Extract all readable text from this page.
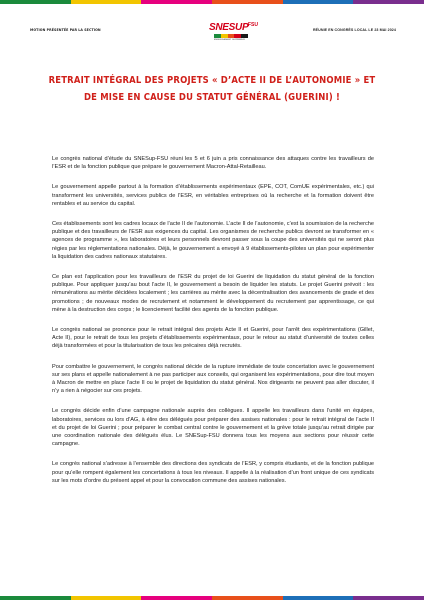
MOTION PRÉSENTÉE PAR LA SECTION	SNESUP FSU
ENSEIGNEMENT SUPÉRIEUR
RÉUNIE EN CONGRÈS LOCAL LE 23 MAI 2024
RETRAIT INTÉGRAL DES PROJETS « D’ACTE II DE L’AUTONOMIE » ET DE MISE EN CAUSE DU STATUT GÉNÉRAL (GUERINI) !

Le congrès national d’étude du SNESup-FSU réuni les 5 et 6 juin a pris connaissance des attaques contre les travailleurs de l’ESR et de la fonction publique que prépare le gouvernement Macron-Attal-Retailleau.

Le gouvernement appelle partout à la formation d’établissements expérimentaux (EPE, COT, ComUE expérimentales, etc.) qui transforment les universités, services publics de l’ESR, en véritables entreprises où la recherche et la formation doivent être rentables et au service du capital.

Ces établissements sont les cadres locaux de l’acte II de l’autonomie. L’acte II de l’autonomie, c’est la soumission de la recherche publique et des travailleurs de l’ESR aux exigences du capital. Les organismes de recherche publics devront se transformer en « agences de programme », les laboratoires et leurs personnels devront passer sous la coupe des universités qui ne seront plus régies par les réglementations nationales. Déjà, le gouvernement a envoyé à 9 établissements-pilotes un plan pour expérimenter la liquidation des cadres nationaux statutaires.

Ce plan est l’application pour les travailleurs de l’ESR du projet de loi Guerini de liquidation du statut général de la fonction publique. Pour appliquer jusqu’au bout l’acte II, le gouvernement a besoin de liquider les statuts. Le projet Guerini prévoit : les rémunérations au mérite décidées localement ; les carrières au mérite avec la décentralisation des avancements de grade et des promotions ; de nouveaux modes de recrutement et notamment le développement du recrutement par apprentissage, ce qui mène à la destruction des corps ; le licenciement facilité des agents de la fonction publique.

Le congrès national se prononce pour le retrait intégral des projets Acte II et Guerini, pour l’arrêt des expérimentations (Gillet, Acte II), pour le retrait de tous les projets d’établissements expérimentaux, pour le retour au statut d’université de toutes celles déjà transformées et pour la titularisation de tous les précaires déjà recrutés.

Pour combattre le gouvernement, le congrès national décide de la rupture immédiate de toute concertation avec le gouvernement sur ses plans et appelle nationalement à ne pas participer aux conseils, qui organisent les expérimentations, pour dire tout moyen à Macron de mettre en place l’acte II ou le projet de liquidation du statut général. Nos dirigeants ne peuvent pas aller discuter, il n’y a rien à négocier sur ces projets.

Le congrès décide enfin d’une campagne nationale auprès des collègues. Il appelle les travailleurs dans l’unité en équipes, laboratoires, services ou lors d’AG, à élire des délégués pour préparer des assises nationales : pour le retrait intégral de l’acte II et du projet de loi Guerini ; pour préparer le combat central contre le gouvernement et la grève totale jusqu’au retrait dirigée par une coordination nationale des délégués élus. Le SNESup-FSU donnera tous les moyens aux sections pour réussir cette campagne.

Le congrès national s’adresse à l’ensemble des directions des syndicats de l’ESR, y compris étudiants, et de la fonction publique pour qu’elle rompent également les concertations à tous les niveaux. Il appelle à la réalisation d’un front unique de ces syndicats sur les mots d’ordre du présent appel et pour la convocation commune des assises nationales.
